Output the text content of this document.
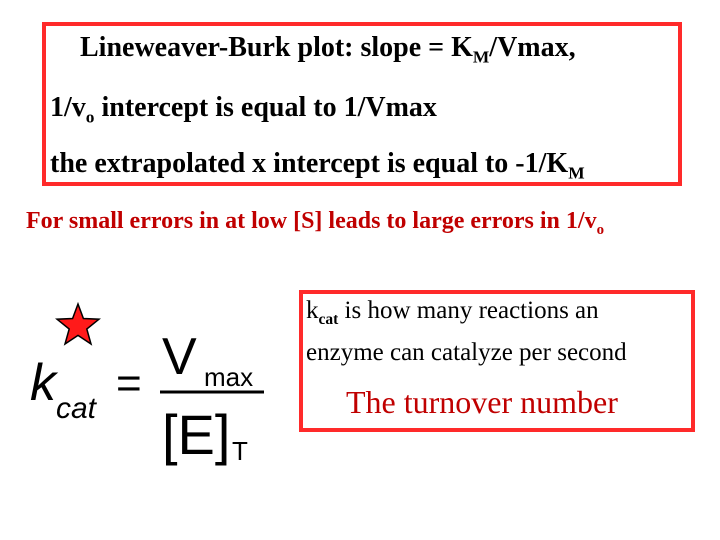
Lineweaver-Burk plot: slope = $K_M$/Vmax,
$1/v_o$ intercept is equal to 1/Vmax
the extrapolated x intercept is equal to $-1/K_M$
For small errors in at low [S] leads to large errors in $1/v_o$
k cat
= V max
[E] T
$k_{cat}$ is how many reactions an
enzyme can catalyze per second
The turnover number
